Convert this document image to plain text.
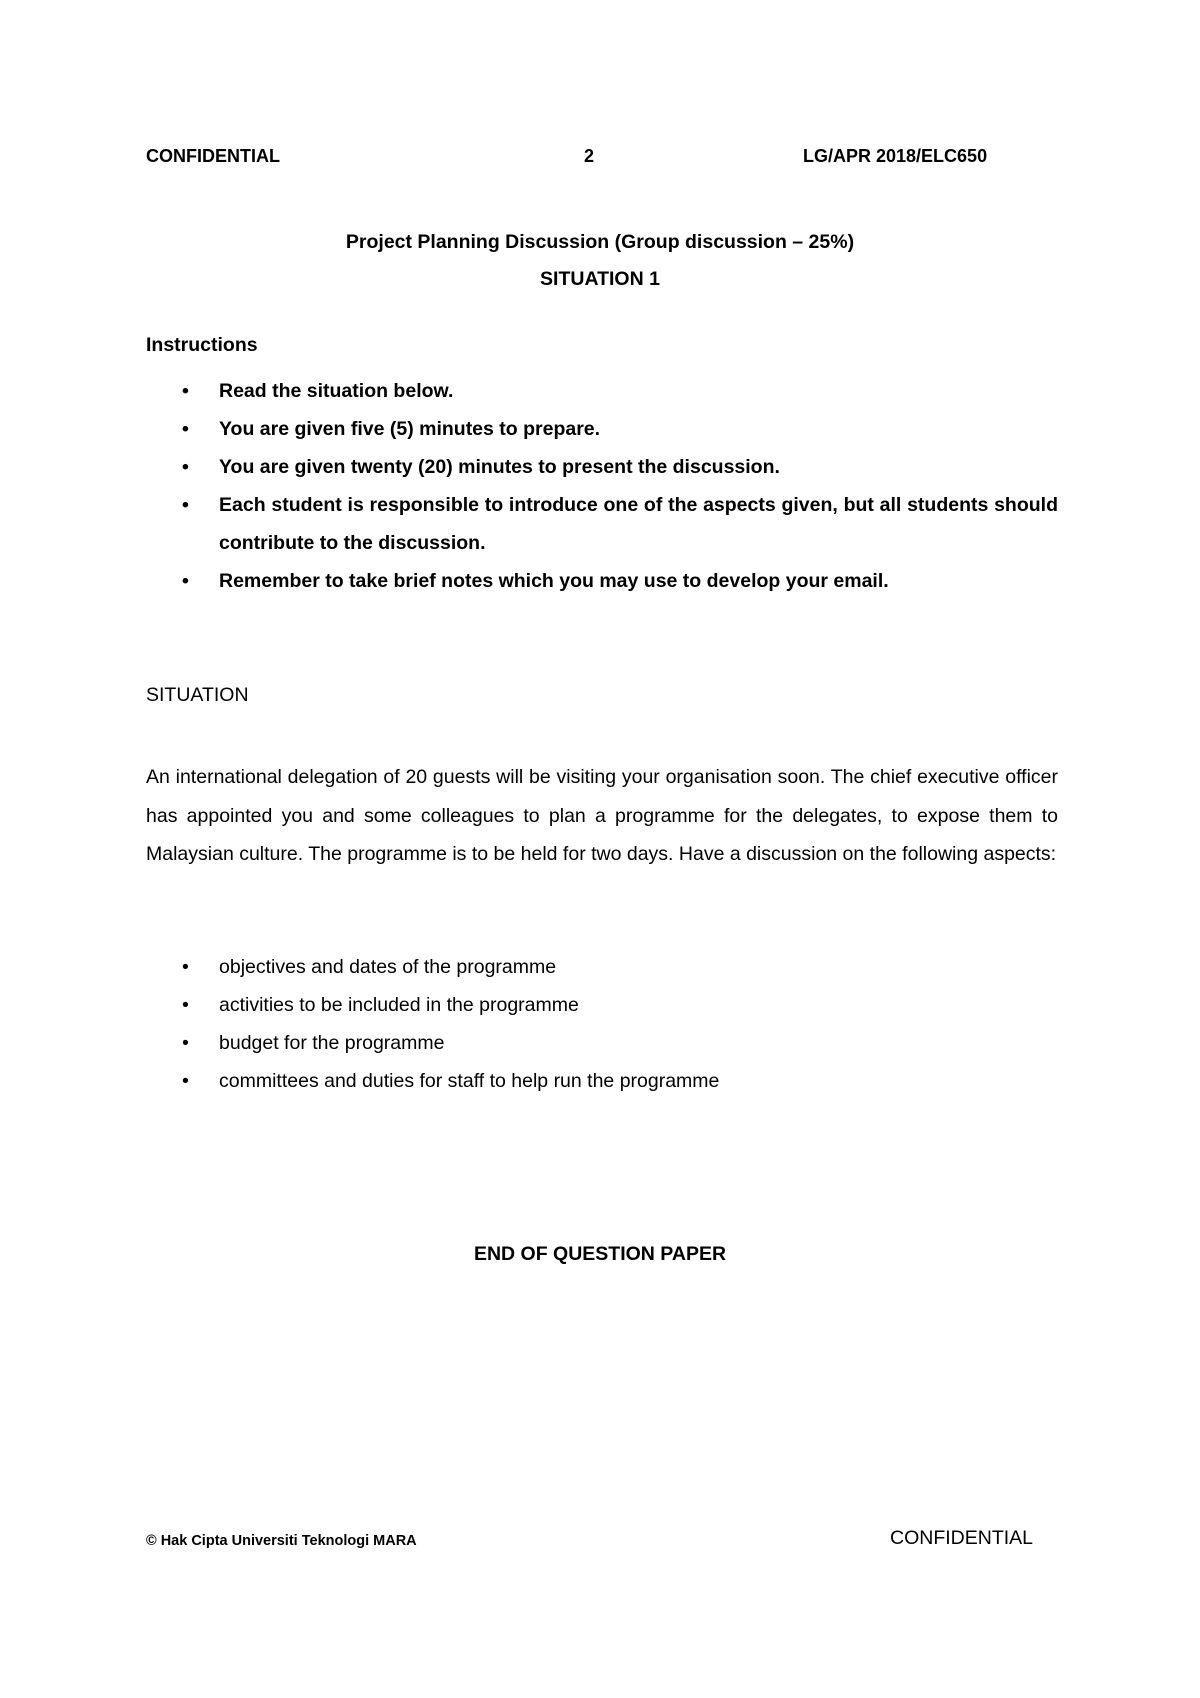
CONFIDENTIAL	2	LG/APR 2018/ELC650
Project Planning Discussion (Group discussion – 25%)
SITUATION 1
Instructions
• Read the situation below.
• You are given five (5) minutes to prepare.
• You are given twenty (20) minutes to present the discussion.
• Each student is responsible to introduce one of the aspects given, but all students should contribute to the discussion.
• Remember to take brief notes which you may use to develop your email.
SITUATION

An international delegation of 20 guests will be visiting your organisation soon. The chief executive officer has appointed you and some colleagues to plan a programme for the delegates, to expose them to Malaysian culture. The programme is to be held for two days. Have a discussion on the following aspects:

• objectives and dates of the programme
• activities to be included in the programme
• budget for the programme
• committees and duties for staff to help run the programme
END OF QUESTION PAPER
© Hak Cipta Universiti Teknologi MARA	CONFIDENTIAL
